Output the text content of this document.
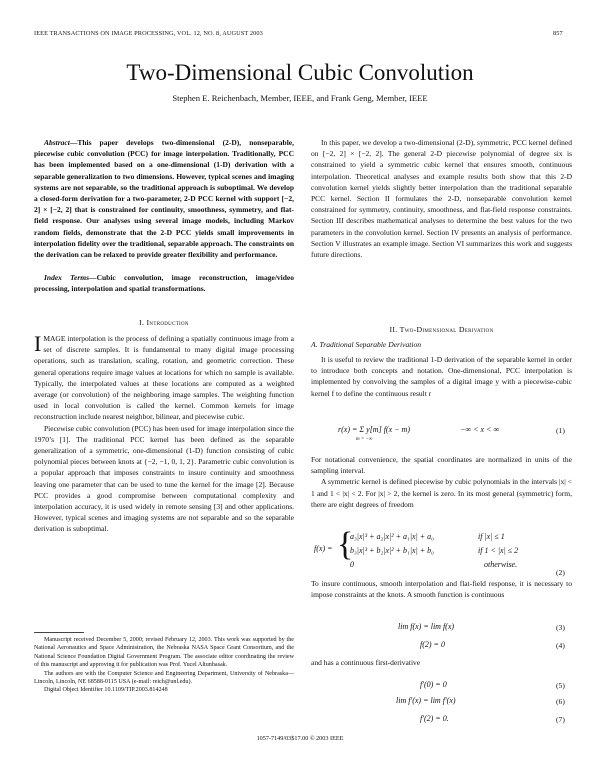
IEEE TRANSACTIONS ON IMAGE PROCESSING, VOL. 12, NO. 8, AUGUST 2003	857
Two-Dimensional Cubic Convolution
Stephen E. Reichenbach, Member, IEEE, and Frank Geng, Member, IEEE

Abstract—This paper develops two-dimensional (2-D), nonseparable, piecewise cubic convolution (PCC) for image interpolation. Traditionally, PCC has been implemented based on a one-dimensional (1-D) derivation with a separable generalization to two dimensions. However, typical scenes and imaging systems are not separable, so the traditional approach is suboptimal. We develop a closed-form derivation for a two-parameter, 2-D PCC kernel with support [−2, 2] × [−2, 2] that is constrained for continuity, smoothness, symmetry, and flat-field response. Our analyses using several image models, including Markov random fields, demonstrate that the 2-D PCC yields small improvements in interpolation fidelity over the traditional, separable approach. The constraints on the derivation can be relaxed to provide greater flexibility and performance.

Index Terms—Cubic convolution, image reconstruction, image/video processing, interpolation and spatial transformations.

I. Introduction

IMAGE interpolation is the process of defining a spatially continuous image from a set of discrete samples. It is fundamental to many digital image processing operations, such as translation, scaling, rotation, and geometric correction. These general operations require image values at locations for which no sample is available. Typically, the interpolated values at these locations are computed as a weighted average (or convolution) of the neighboring image samples. The weighting function used in local convolution is called the kernel. Common kernels for image reconstruction include nearest neighbor, bilinear, and piecewise cubic.

Piecewise cubic convolution (PCC) has been used for image interpolation since the 1970’s [1]. The traditional PCC kernel has been defined as the separable generalization of a symmetric, one-dimensional (1-D) function consisting of cubic polynomial pieces between knots at {−2, −1, 0, 1, 2}. Parametric cubic convolution is a popular approach that imposes constraints to insure continuity and smoothness leaving one parameter that can be used to tune the kernel for the image [2]. Because PCC provides a good compromise between computational complexity and interpolation accuracy, it is used widely in remote sensing [3] and other applications. However, typical scenes and imaging systems are not separable and so the separable derivation is suboptimal.

Manuscript received December 5, 2000; revised February 12, 2003. This work was supported by the National Aeronautics and Space Administration, the Nebraska NASA Space Grant Consortium, and the National Science Foundation Digital Government Program. The associate editor coordinating the review of this manuscript and approving it for publication was Prof. Yucel Altunbasak.

The authors are with the Computer Science and Engineering Department, University of Nebraska—Lincoln, Lincoln, NE 68588-0115 USA (e-mail: reich@unl.edu).

Digital Object Identifier 10.1109/TIP.2003.814248

In this paper, we develop a two-dimensional (2-D), symmetric, PCC kernel defined on [−2, 2] × [−2, 2]. The general 2-D piecewise polynomial of degree six is constrained to yield a symmetric cubic kernel that ensures smooth, continuous interpolation. Theoretical analyses and example results both show that this 2-D convolution kernel yields slightly better interpolation than the traditional separable PCC kernel. Section II formulates the 2-D, nonseparable convolution kernel constrained for symmetry, continuity, smoothness, and flat-field response constraints. Section III describes mathematical analyses to determine the best values for the two parameters in the convolution kernel. Section IV presents an analysis of performance. Section V illustrates an example image. Section VI summarizes this work and suggests future directions.

II. Two-Dimensional Derivation
A. Traditional Separable Derivation

It is useful to review the traditional 1-D derivation of the separable kernel in order to introduce both concepts and notation. One-dimensional, PCC interpolation is implemented by convolving the samples of a digital image y with a piecewise-cubic kernel f to define the continuous result r

r(x) = Σ y[m] f(x − m)
m = −∞
−∞ < x < ∞	(1)

For notational convenience, the spatial coordinates are normalized in units of the sampling interval.

A symmetric kernel is defined piecewise by cubic polynomials in the intervals |x| < 1 and 1 < |x| < 2. For |x| > 2, the kernel is zero. In its most general (symmetric) form, there are eight degrees of freedom

f(x) = {
a₃|x|³ + a₂|x|² + a₁|x| + a₀	if |x| ≤ 1
b₃|x|³ + b₂|x|² + b₁|x| + b₀	if 1 < |x| ≤ 2
0	otherwise.
(2)

To insure continuous, smooth interpolation and flat-field response, it is necessary to impose constraints at the knots. A smooth function is continuous

lim f(x) = lim f(x)	(3)
f(2) = 0	(4)

and has a continuous first-derivative

f′(0) = 0	(5)
lim f′(x) = lim f′(x)	(6)
f′(2) = 0.	(7)
1057-7149/03$17.00 © 2003 IEEE
